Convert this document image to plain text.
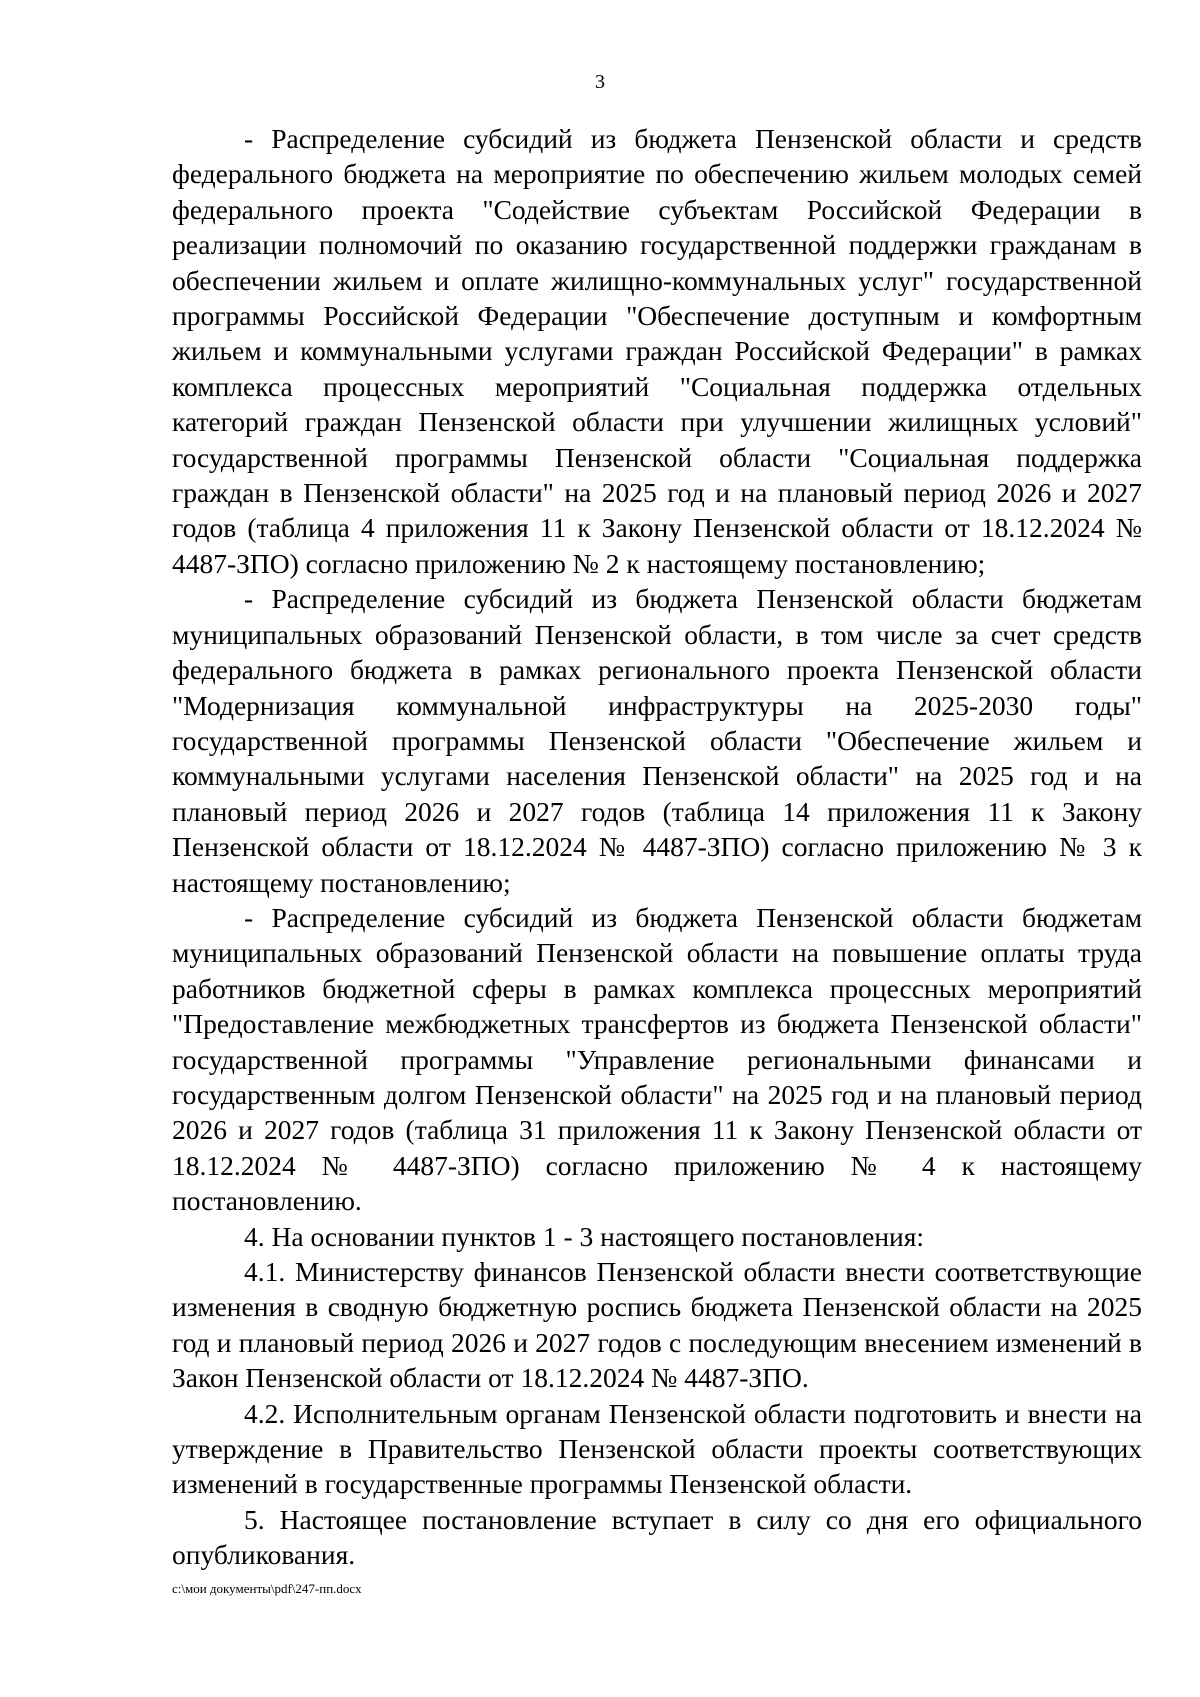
3

- Распределение субсидий из бюджета Пензенской области и средств федерального бюджета на мероприятие по обеспечению жильем молодых семей федерального проекта "Содействие субъектам Российской Федерации в реализации полномочий по оказанию государственной поддержки гражданам в обеспечении жильем и оплате жилищно-коммунальных услуг" государственной программы Российской Федерации "Обеспечение доступным и комфортным жильем и коммунальными услугами граждан Российской Федерации" в рамках комплекса процессных мероприятий "Социальная поддержка отдельных категорий граждан Пензенской области при улучшении жилищных условий" государственной программы Пензенской области "Социальная поддержка граждан в Пензенской области" на 2025 год и на плановый период 2026 и 2027 годов (таблица 4 приложения 11 к Закону Пензенской области от 18.12.2024 № 4487-ЗПО) согласно приложению № 2 к настоящему постановлению;

- Распределение субсидий из бюджета Пензенской области бюджетам муниципальных образований Пензенской области, в том числе за счет средств федерального бюджета в рамках регионального проекта Пензенской области "Модернизация коммунальной инфраструктуры на 2025-2030 годы" государственной программы Пензенской области "Обеспечение жильем и коммунальными услугами населения Пензенской области" на 2025 год и на плановый период 2026 и 2027 годов (таблица 14 приложения 11 к Закону Пензенской области от 18.12.2024 № 4487-ЗПО) согласно приложению № 3 к настоящему постановлению;

- Распределение субсидий из бюджета Пензенской области бюджетам муниципальных образований Пензенской области на повышение оплаты труда работников бюджетной сферы в рамках комплекса процессных мероприятий "Предоставление межбюджетных трансфертов из бюджета Пензенской области" государственной программы "Управление региональными финансами и государственным долгом Пензенской области" на 2025 год и на плановый период 2026 и 2027 годов (таблица 31 приложения 11 к Закону Пензенской области от 18.12.2024 № 4487-ЗПО) согласно приложению № 4 к настоящему постановлению.

4. На основании пунктов 1 - 3 настоящего постановления:

4.1. Министерству финансов Пензенской области внести соответствующие изменения в сводную бюджетную роспись бюджета Пензенской области на 2025 год и плановый период 2026 и 2027 годов с последующим внесением изменений в Закон Пензенской области от 18.12.2024 № 4487-ЗПО.

4.2. Исполнительным органам Пензенской области подготовить и внести на утверждение в Правительство Пензенской области проекты соответствующих изменений в государственные программы Пензенской области.

5. Настоящее постановление вступает в силу со дня его официального опубликования.

c:\мои документы\pdf\247-пп.docx
